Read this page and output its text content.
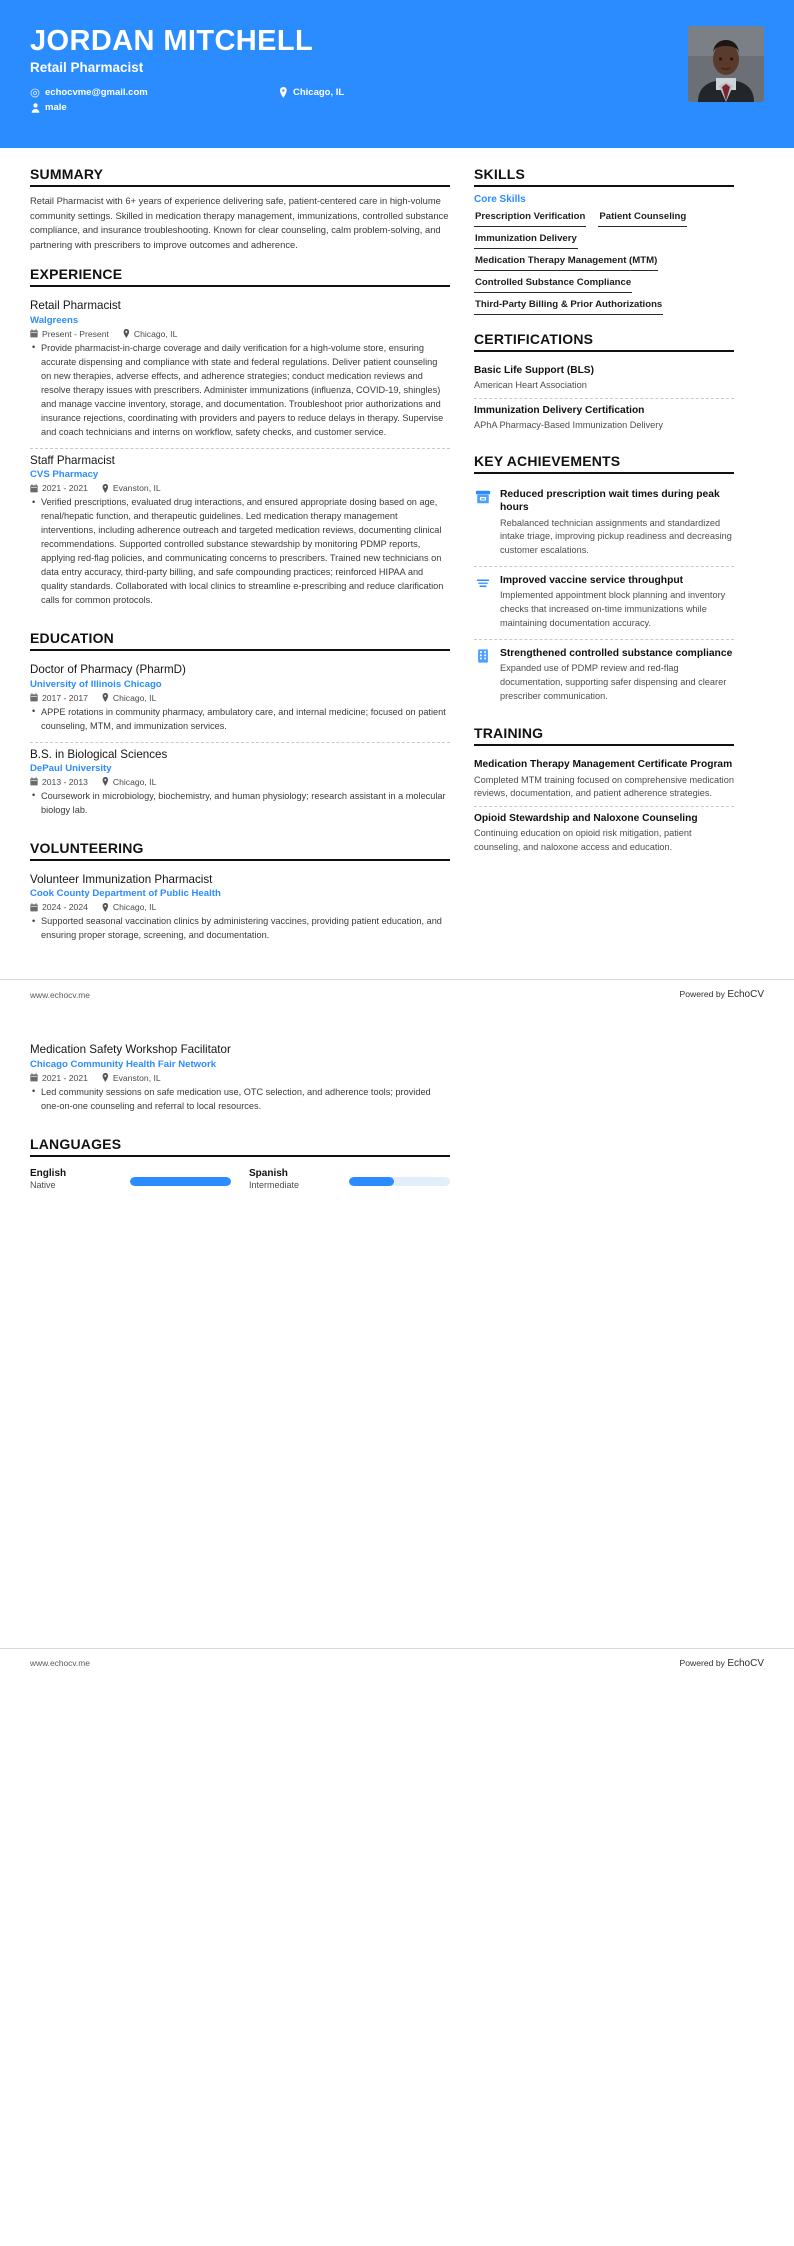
JORDAN MITCHELL
Retail Pharmacist
echocvme@gmail.com	Chicago, IL
male
SUMMARY
Retail Pharmacist with 6+ years of experience delivering safe, patient-centered care in high-volume community settings. Skilled in medication therapy management, immunizations, controlled substance compliance, and insurance troubleshooting. Known for clear counseling, calm problem-solving, and partnering with prescribers to improve outcomes and adherence.
EXPERIENCE
Retail Pharmacist
Walgreens
Present - Present	Chicago, IL
• Provide pharmacist-in-charge coverage and daily verification for a high-volume store, ensuring accurate dispensing and compliance with state and federal regulations. Deliver patient counseling on new therapies, adverse effects, and adherence strategies; conduct medication reviews and resolve therapy issues with prescribers. Administer immunizations (influenza, COVID-19, shingles) and manage vaccine inventory, storage, and documentation. Troubleshoot prior authorizations and insurance rejections, coordinating with providers and payers to reduce delays in therapy. Supervise and coach technicians and interns on workflow, safety checks, and customer service.
Staff Pharmacist
CVS Pharmacy
2021 - 2021	Evanston, IL
• Verified prescriptions, evaluated drug interactions, and ensured appropriate dosing based on age, renal/hepatic function, and therapeutic guidelines. Led medication therapy management interventions, including adherence outreach and targeted medication reviews, documenting clinical recommendations. Supported controlled substance stewardship by monitoring PDMP reports, applying red-flag policies, and communicating concerns to prescribers. Trained new technicians on data entry accuracy, third-party billing, and safe compounding practices; reinforced HIPAA and quality standards. Collaborated with local clinics to streamline e-prescribing and reduce clarification calls for common protocols.
EDUCATION
Doctor of Pharmacy (PharmD)
University of Illinois Chicago
2017 - 2017	Chicago, IL
• APPE rotations in community pharmacy, ambulatory care, and internal medicine; focused on patient counseling, MTM, and immunization services.
B.S. in Biological Sciences
DePaul University
2013 - 2013	Chicago, IL
• Coursework in microbiology, biochemistry, and human physiology; research assistant in a molecular biology lab.
VOLUNTEERING
Volunteer Immunization Pharmacist
Cook County Department of Public Health
2024 - 2024	Chicago, IL
• Supported seasonal vaccination clinics by administering vaccines, providing patient education, and ensuring proper storage, screening, and documentation.
SKILLS
Core Skills
Prescription Verification Patient Counseling
Immunization Delivery
Medication Therapy Management (MTM)
Controlled Substance Compliance
Third-Party Billing & Prior Authorizations
CERTIFICATIONS
Basic Life Support (BLS)
American Heart Association
Immunization Delivery Certification
APhA Pharmacy-Based Immunization Delivery
KEY ACHIEVEMENTS
Reduced prescription wait times during peak hours
Rebalanced technician assignments and standardized intake triage, improving pickup readiness and decreasing customer escalations.
Improved vaccine service throughput
Implemented appointment block planning and inventory checks that increased on-time immunizations while maintaining documentation accuracy.
Strengthened controlled substance compliance
Expanded use of PDMP review and red-flag documentation, supporting safer dispensing and clearer prescriber communication.
TRAINING
Medication Therapy Management Certificate Program
Completed MTM training focused on comprehensive medication reviews, documentation, and patient adherence strategies.
Opioid Stewardship and Naloxone Counseling
Continuing education on opioid risk mitigation, patient counseling, and naloxone access and education.
www.echocv.me	Powered by EchoCV
Medication Safety Workshop Facilitator
Chicago Community Health Fair Network
2021 - 2021	Evanston, IL
• Led community sessions on safe medication use, OTC selection, and adherence tools; provided one-on-one counseling and referral to local resources.
LANGUAGES
English
Native
Spanish
Intermediate
www.echocv.me	Powered by EchoCV
